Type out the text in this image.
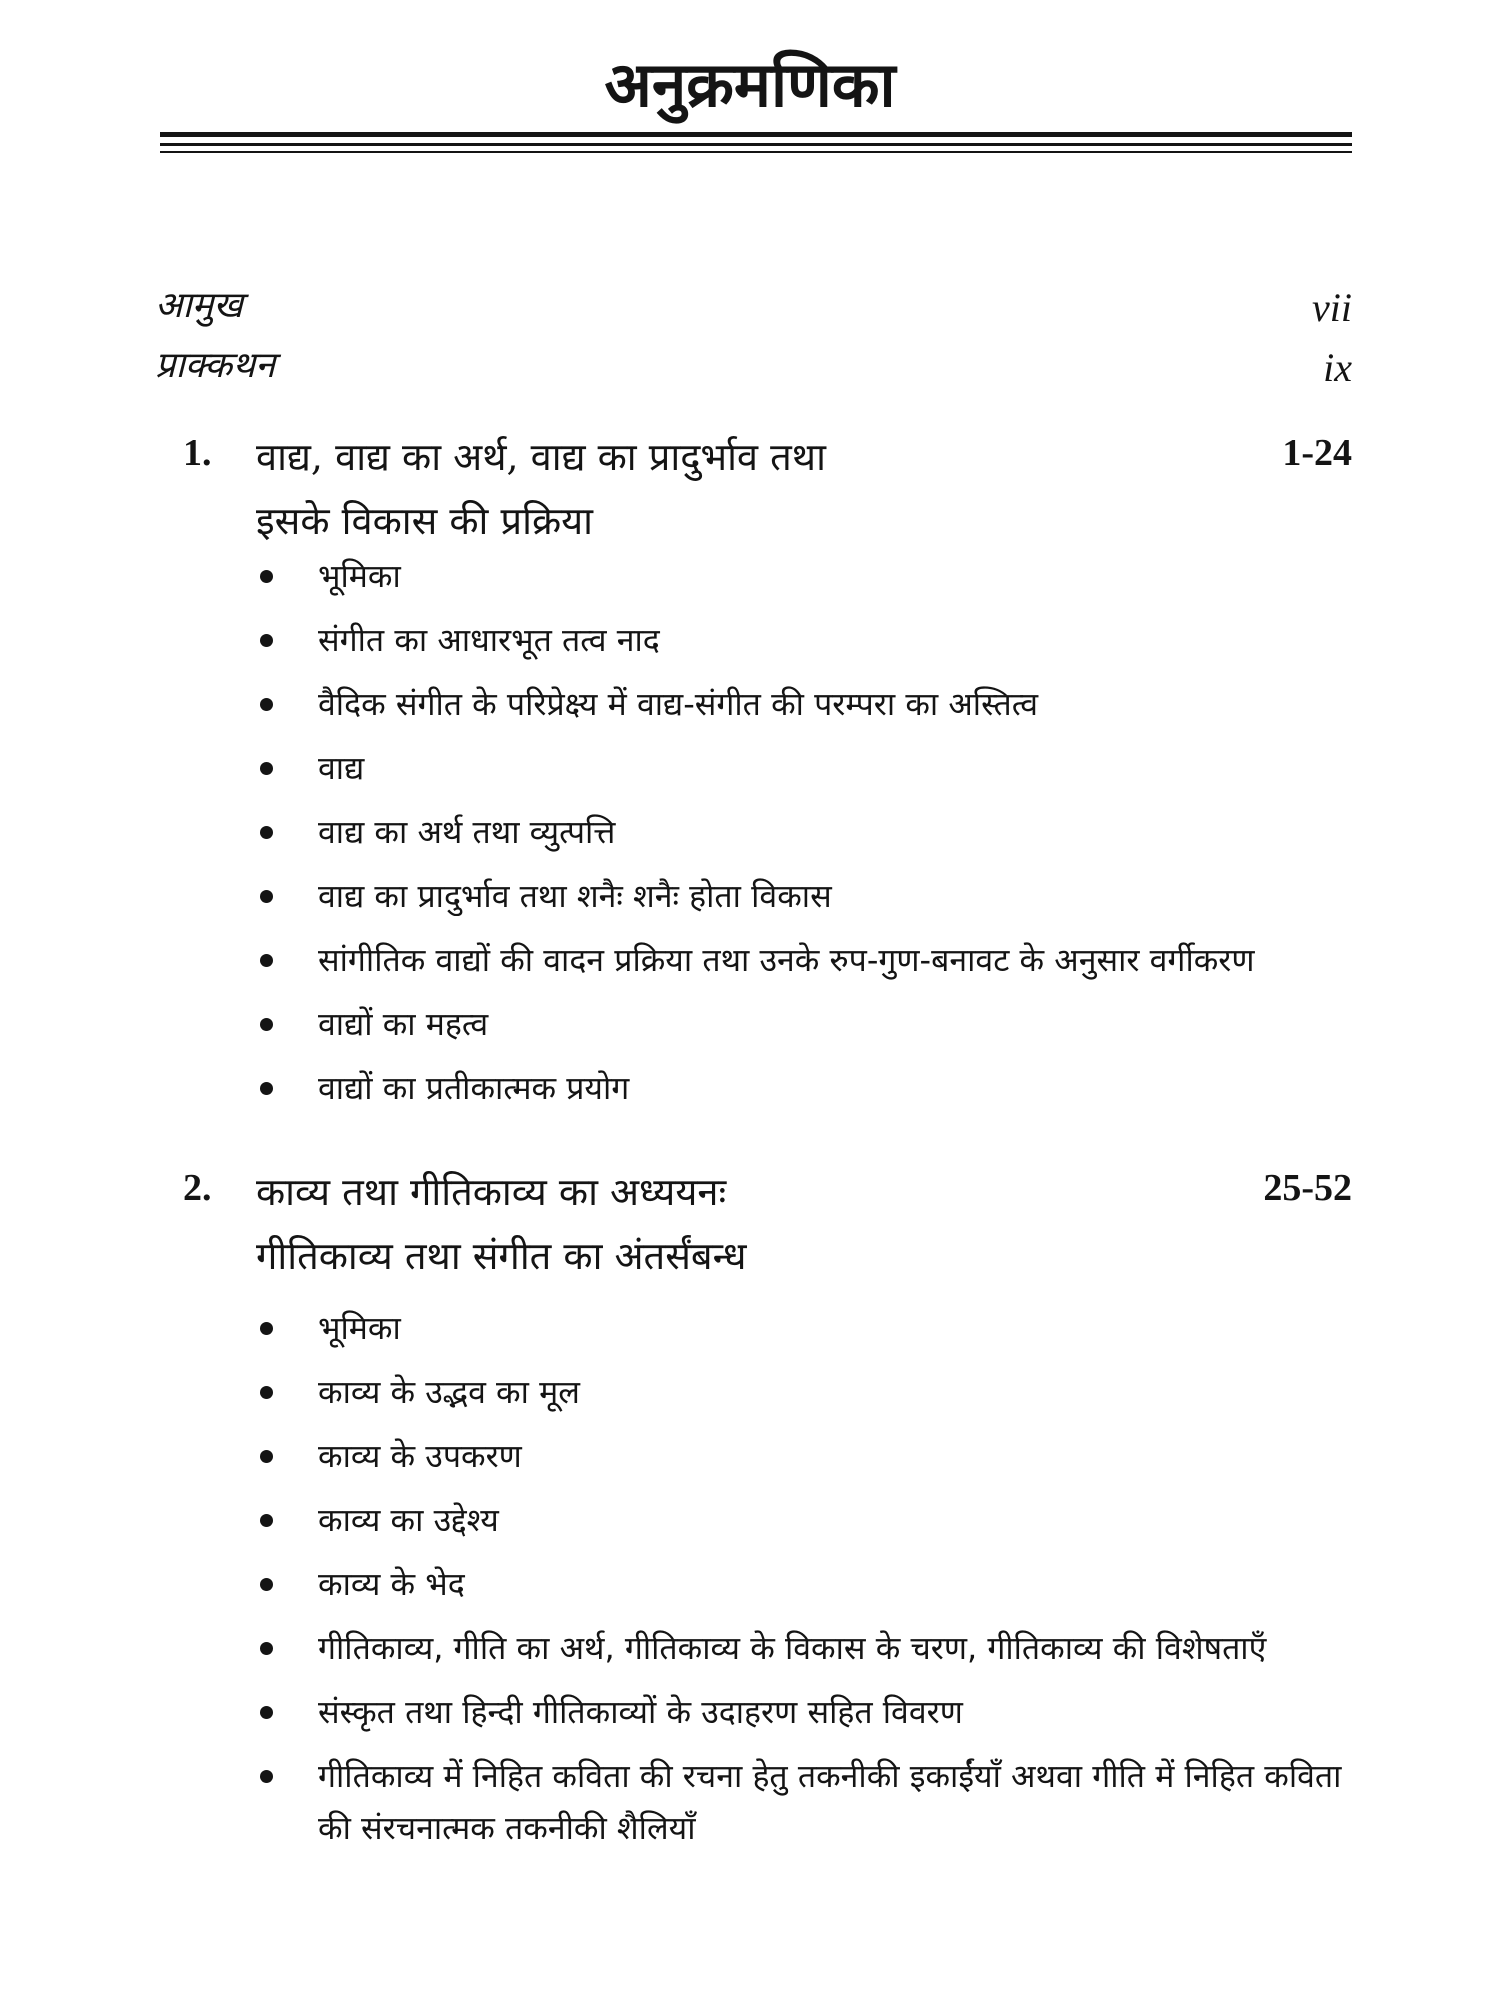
अनुक्रमणिका
आमुख	vii
प्राक्कथन	ix
1. वाद्य, वाद्य का अर्थ, वाद्य का प्रादुर्भाव तथा
इसके विकास की प्रक्रिया
1-24
भूमिका
संगीत का आधारभूत तत्व नाद
वैदिक संगीत के परिप्रेक्ष्य में वाद्य-संगीत की परम्परा का अस्तित्व
वाद्य
वाद्य का अर्थ तथा व्युत्पत्ति
वाद्य का प्रादुर्भाव तथा शनैः शनैः होता विकास
सांगीतिक वाद्यों की वादन प्रक्रिया तथा उनके रुप-गुण-बनावट के अनुसार वर्गीकरण
वाद्यों का महत्व
वाद्यों का प्रतीकात्मक प्रयोग
2. काव्य तथा गीतिकाव्य का अध्ययनः
गीतिकाव्य तथा संगीत का अंतर्संबन्ध
25-52
भूमिका
काव्य के उद्भव का मूल
काव्य के उपकरण
काव्य का उद्देश्य
काव्य के भेद
गीतिकाव्य, गीति का अर्थ, गीतिकाव्य के विकास के चरण, गीतिकाव्य की विशेषताएँ
संस्कृत तथा हिन्दी गीतिकाव्यों के उदाहरण सहित विवरण
गीतिकाव्य में निहित कविता की रचना हेतु तकनीकी इकाईंयाँ अथवा गीति में निहित कविता की संरचनात्मक तकनीकी शैलियाँ
